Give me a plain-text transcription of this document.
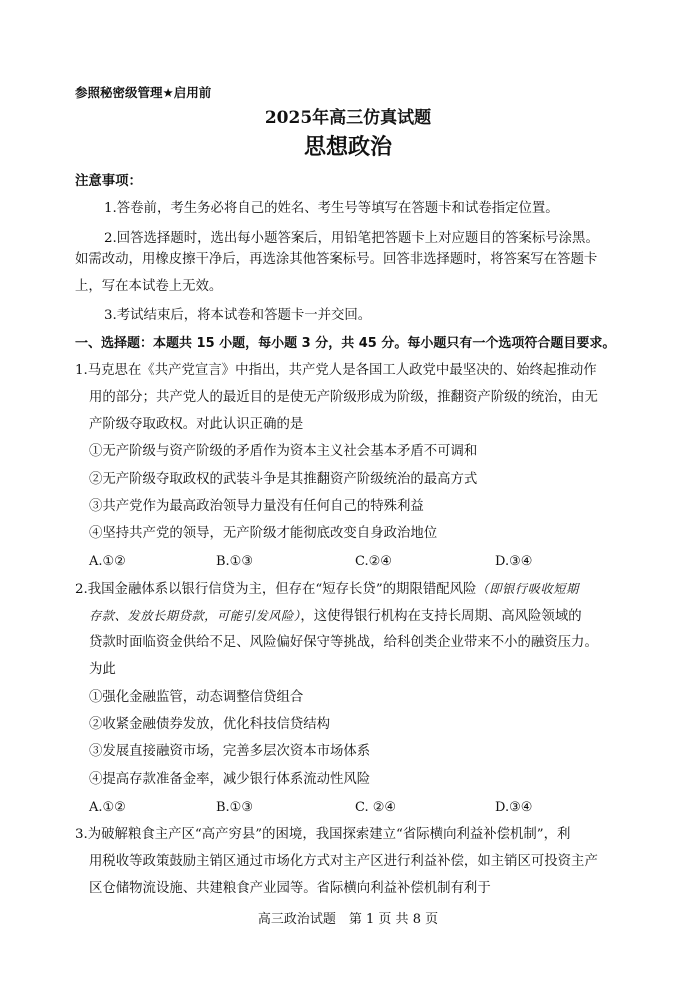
参照秘密级管理★启用前
2025年高三仿真试题
思想政治
注意事项：
1.答卷前，考生务必将自己的姓名、考生号等填写在答题卡和试卷指定位置。
2.回答选择题时，选出每小题答案后，用铅笔把答题卡上对应题目的答案标号涂黑。
如需改动，用橡皮擦干净后，再选涂其他答案标号。回答非选择题时，将答案写在答题卡
上，写在本试卷上无效。
3.考试结束后，将本试卷和答题卡一并交回。
一、选择题：本题共 15 小题，每小题 3 分，共 45 分。每小题只有一个选项符合题目要求。
1.马克思在《共产党宣言》中指出，共产党人是各国工人政党中最坚决的、始终起推动作
用的部分；共产党人的最近目的是使无产阶级形成为阶级，推翻资产阶级的统治，由无
产阶级夺取政权。对此认识正确的是
①无产阶级与资产阶级的矛盾作为资本主义社会基本矛盾不可调和
②无产阶级夺取政权的武装斗争是其推翻资产阶级统治的最高方式
③共产党作为最高政治领导力量没有任何自己的特殊利益
④坚持共产党的领导，无产阶级才能彻底改变自身政治地位
A.①②	B.①③	C.②④	D.③④
2.我国金融体系以银行信贷为主，但存在“短存长贷”的期限错配风险（即银行吸收短期
存款、发放长期贷款，可能引发风险），这使得银行机构在支持长周期、高风险领域的
贷款时面临资金供给不足、风险偏好保守等挑战，给科创类企业带来不小的融资压力。
为此
①强化金融监管，动态调整信贷组合
②收紧金融债券发放，优化科技信贷结构
③发展直接融资市场，完善多层次资本市场体系
④提高存款准备金率，减少银行体系流动性风险
A.①②	B.①③	C. ②④	D.③④
3.为破解粮食主产区“高产穷县”的困境，我国探索建立“省际横向利益补偿机制”，利
用税收等政策鼓励主销区通过市场化方式对主产区进行利益补偿，如主销区可投资主产
区仓储物流设施、共建粮食产业园等。省际横向利益补偿机制有利于
高三政治试题　第 1 页 共 8 页
